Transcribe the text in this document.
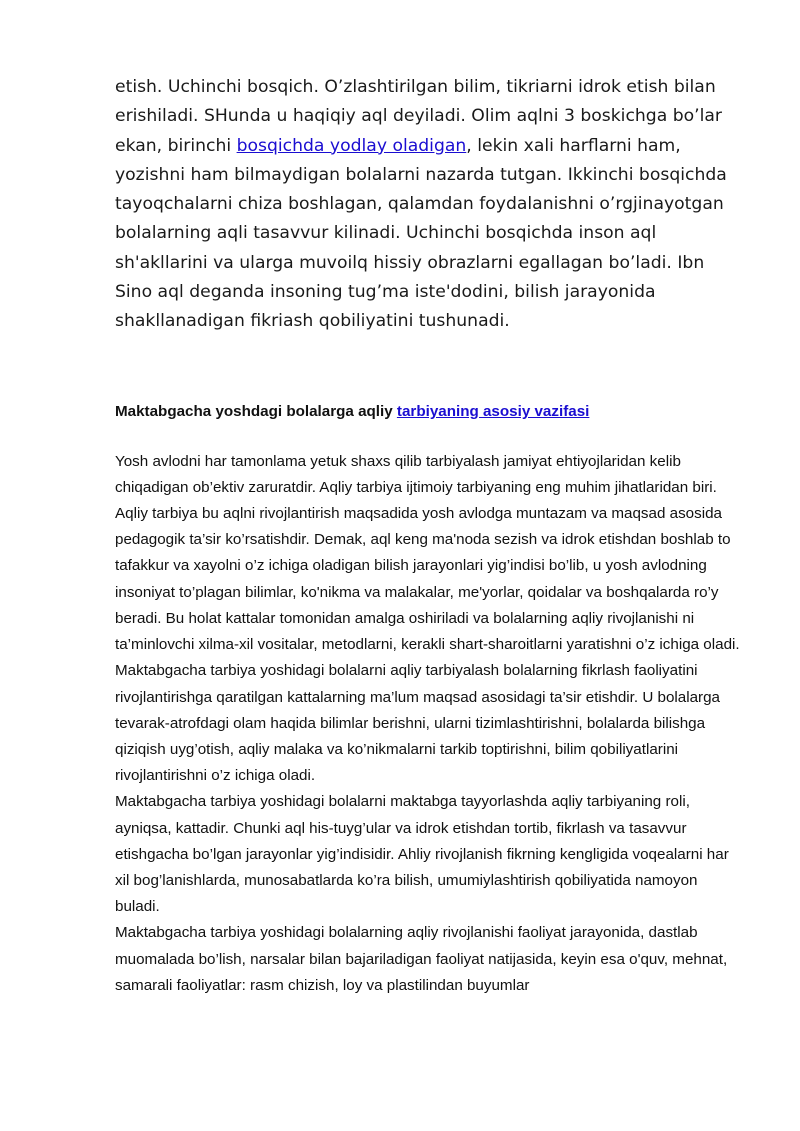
etish. Uchinchi bosqich. O’zlashtirilgan bilim, tikriarni idrok etish bilan erishiladi. SHunda u haqiqiy aql deyiladi. Olim aqlni 3 boskichga bo’lar ekan, birinchi bosqichda yodlay oladigan, lekin xali harflarni ham, yozishni ham bilmaydigan bolalarni nazarda tutgan. Ikkinchi bosqichda tayoqchalarni chiza boshlagan, qalamdan foydalanishni o’rgjinayotgan bolalarning aqli tasavvur kilinadi. Uchinchi bosqichda inson aql sh'akllarini va ularga muvoilq hissiy obrazlarni egallagan bo’ladi. Ibn Sino aql deganda insoning tug’ma iste'dodini, bilish jarayonida shakllanadigan fikriash qobiliyatini tushunadi.

Maktabgacha yoshdagi bolalarga aqliy tarbiyaning asosiy vazifasi

Yosh avlodni har tamonlama yetuk shaxs qilib tarbiyalash jamiyat ehtiyojlaridan kelib chiqadigan ob’ektiv zaruratdir. Aqliy tarbiya ijtimoiy tarbiyaning eng muhim jihatlaridan biri. Aqliy tarbiya bu aqlni rivojlantirish maqsadida yosh avlodga muntazam va maqsad asosida pedagogik ta’sir ko’rsatishdir. Demak, aql keng ma'noda sezish va idrok etishdan boshlab to tafakkur va xayolni o’z ichiga oladigan bilish jarayonlari yig’indisi bo’lib, u yosh avlodning insoniyat to’plagan bilimlar, ko'nikma va malakalar, me'yorlar, qoidalar va boshqalarda ro’y beradi. Bu holat kattalar tomonidan amalga oshiriladi va bolalarning aqliy rivojlanishi ni ta’minlovchi xilma-xil vositalar, metodlarni, kerakli shart-sharoitlarni yaratishni o’z ichiga oladi. Maktabgacha tarbiya yoshidagi bolalarni aqliy tarbiyalash bolalarning fikrlash faoliyatini rivojlantirishga qaratilgan kattalarning ma’lum maqsad asosidagi ta’sir etishdir. U bolalarga tevarak-atrofdagi olam haqida bilimlar berishni, ularni tizimlashtirishni, bolalarda bilishga qiziqish uyg’otish, aqliy malaka va ko’nikmalarni tarkib toptirishni, bilim qobiliyatlarini rivojlantirishni o’z ichiga oladi.

Maktabgacha tarbiya yoshidagi bolalarni maktabga tayyorlashda aqliy tarbiyaning roli, ayniqsa, kattadir. Chunki aql his-tuyg’ular va idrok etishdan tortib, fikrlash va tasavvur etishgacha bo’lgan jarayonlar yig’indisidir. Ahliy rivojlanish fikrning kengligida voqealarni har xil bog’lanishlarda, munosabatlarda ko’ra bilish, umumiylashtirish qobiliyatida namoyon buladi.

Maktabgacha tarbiya yoshidagi bolalarning aqliy rivojlanishi faoliyat jarayonida, dastlab muomalada bo’lish, narsalar bilan bajariladigan faoliyat natijasida, keyin esa o'quv, mehnat, samarali faoliyatlar: rasm chizish, loy va plastilindan buyumlar
